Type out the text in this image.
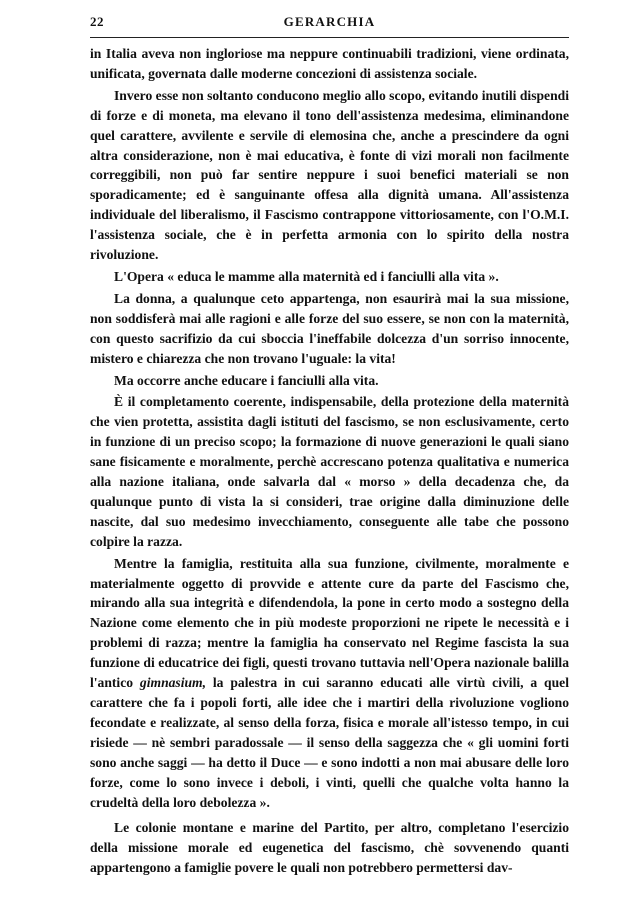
22	GERARCHIA

in Italia aveva non ingloriose ma neppure continuabili tradizioni, viene ordinata, unificata, governata dalle moderne concezioni di assistenza sociale.

Invero esse non soltanto conducono meglio allo scopo, evitando inutili dispendi di forze e di moneta, ma elevano il tono dell'assistenza medesima, eliminandone quel carattere, avvilente e servile di elemosina che, anche a prescindere da ogni altra considerazione, non è mai educativa, è fonte di vizi morali non facilmente correggibili, non può far sentire neppure i suoi benefici materiali se non sporadicamente; ed è sanguinante offesa alla dignità umana. All'assistenza individuale del liberalismo, il Fascismo contrappone vittoriosamente, con l'O.M.I. l'assistenza sociale, che è in perfetta armonia con lo spirito della nostra rivoluzione.

L'Opera « educa le mamme alla maternità ed i fanciulli alla vita ».

La donna, a qualunque ceto appartenga, non esaurirà mai la sua missione, non soddisferà mai alle ragioni e alle forze del suo essere, se non con la maternità, con questo sacrifizio da cui sboccia l'ineffabile dolcezza d'un sorriso innocente, mistero e chiarezza che non trovano l'uguale: la vita!

Ma occorre anche educare i fanciulli alla vita.

È il completamento coerente, indispensabile, della protezione della maternità che vien protetta, assistita dagli istituti del fascismo, se non esclusivamente, certo in funzione di un preciso scopo; la formazione di nuove generazioni le quali siano sane fisicamente e moralmente, perchè accrescano potenza qualitativa e numerica alla nazione italiana, onde salvarla dal « morso » della decadenza che, da qualunque punto di vista la si consideri, trae origine dalla diminuzione delle nascite, dal suo medesimo invecchiamento, conseguente alle tabe che possono colpire la razza.

Mentre la famiglia, restituita alla sua funzione, civilmente, moralmente e materialmente oggetto di provvide e attente cure da parte del Fascismo che, mirando alla sua integrità e difendendola, la pone in certo modo a sostegno della Nazione come elemento che in più modeste proporzioni ne ripete le necessità e i problemi di razza; mentre la famiglia ha conservato nel Regime fascista la sua funzione di educatrice dei figli, questi trovano tuttavia nell'Opera nazionale balilla l'antico gimnasium, la palestra in cui saranno educati alle virtù civili, a quel carattere che fa i popoli forti, alle idee che i martiri della rivoluzione vogliono fecondate e realizzate, al senso della forza, fisica e morale all'istesso tempo, in cui risiede — nè sembri paradossale — il senso della saggezza che « gli uomini forti sono anche saggi — ha detto il Duce — e sono indotti a non mai abusare delle loro forze, come lo sono invece i deboli, i vinti, quelli che qualche volta hanno la crudeltà della loro debolezza ».

Le colonie montane e marine del Partito, per altro, completano l'esercizio della missione morale ed eugenetica del fascismo, chè sovvenendo quanti appartengono a famiglie povere le quali non potrebbero permettersi dav-
